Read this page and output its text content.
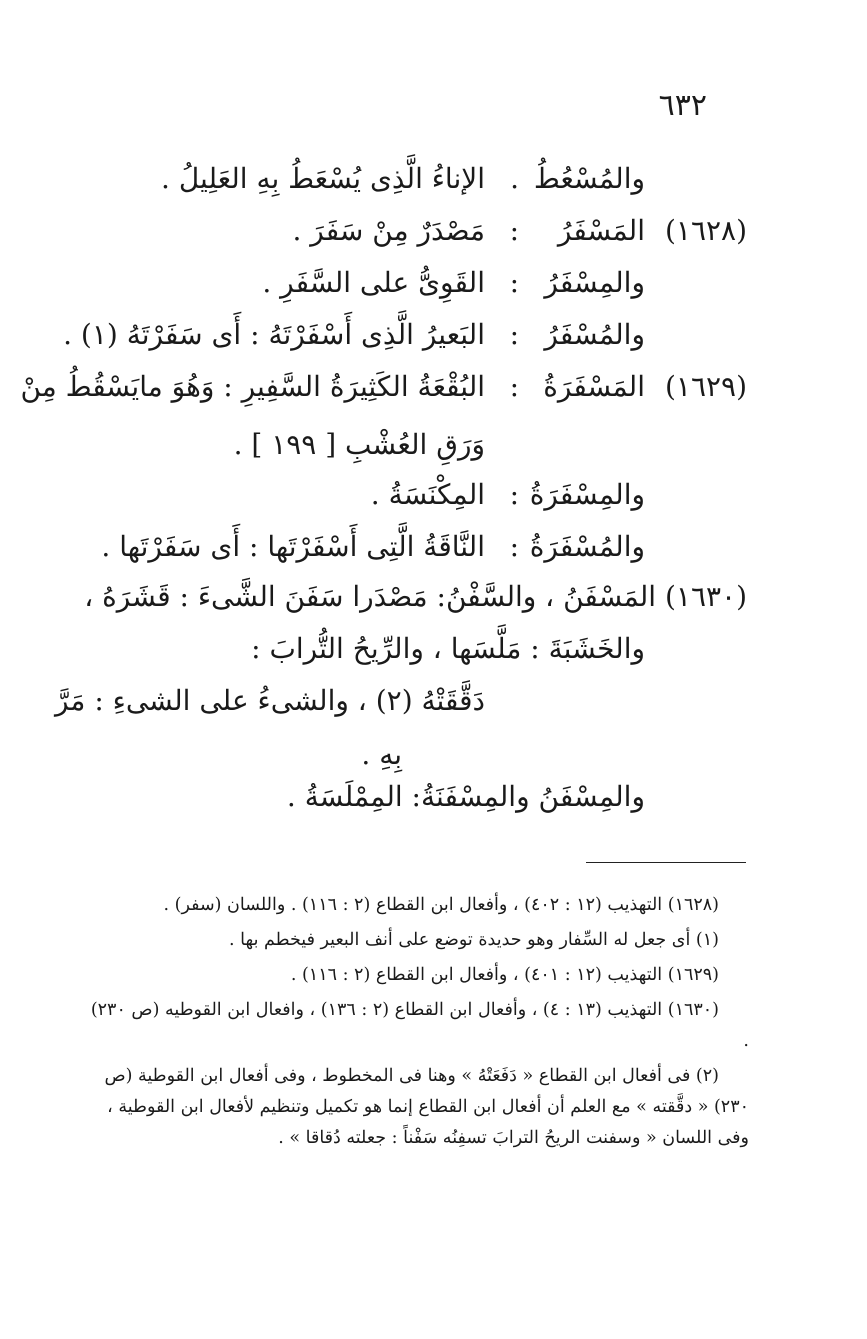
٦٣٢
والمُسْعُطُ
.
الإناءُ الَّذِى يُسْعَطُ بِهِ العَلِيلُ .
(١٦٢٨)
المَسْفَرُ
:
مَصْدَرٌ مِنْ سَفَرَ .
والمِسْفَرُ
:
القَوِىُّ على السَّفَرِ .
والمُسْفَرُ
:
البَعيرُ الَّذِى أَسْفَرْتَهُ : أَى سَفَرْتَهُ (١) .
(١٦٢٩)
المَسْفَرَةُ
:
البُقْعَةُ الكَثِيرَةُ السَّفِيرِ : وَهُوَ مايَسْقُطُ مِنْ
وَرَقِ العُشْبِ [ ١٩٩ ] .
والمِسْفَرَةُ
:
المِكْنَسَةُ .
والمُسْفَرَةُ
:
النَّاقَةُ الَّتِى أَسْفَرْتَها : أَى سَفَرْتَها .
(١٦٣٠) المَسْفَنُ ، والسَّفْنُ: مَصْدَرا سَفَنَ الشَّىءَ : قَشَرَهُ ،
والخَشَبَةَ : مَلَّسَها ، والرِّيحُ التُّرابَ :
دَقَّقَتْهُ (٢) ، والشىءُ على الشىءِ : مَرَّ
بِهِ .
والمِسْفَنُ والمِسْفَنَةُ: المِمْلَسَةُ .

(١٦٢٨) التهذيب (١٢ : ٤٠٢) ، وأفعال ابن القطاع (٢ : ١١٦) . واللسان (سفر) .

(١) أى جعل له السِّفار وهو حديدة توضع على أنف البعير فيخطم بها .

(١٦٢٩) التهذيب (١٢ : ٤٠١) ، وأفعال ابن القطاع (٢ : ١١٦) .

(١٦٣٠) التهذيب (١٣ : ٤) ، وأفعال ابن القطاع (٢ : ١٣٦) ، وافعال ابن القوطيه (ص ٢٣٠) .

(٢) فى أفعال ابن القطاع « دَفَعَتْهُ » وهنا فى المخطوط ، وفى أفعال ابن القوطية (ص ٢٣٠) « دقَّقته » مع العلم أن أفعال ابن القطاع إنما هو تكميل وتنظيم لأفعال ابن القوطية ، وفى اللسان « وسفنت الريحُ الترابَ تسفِنُه سَفْناً : جعلته دُقاقا » .
